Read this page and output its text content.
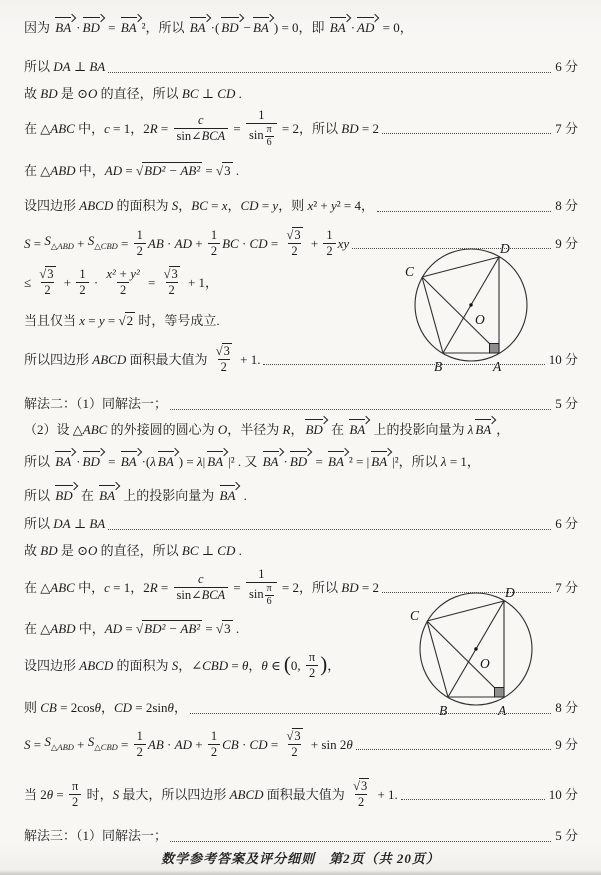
因为 BA · BD = BA ²，所以 BA ·( BD − BA ) = 0，即 BA · AD = 0，
所以 DA ⊥ BA	6 分
故 BD 是 ⊙ O 的直径，所以 BC ⊥ CD .
在 △ ABC 中， c = 1，2 $R = \frac{c}{\text{sin∠BCA}} = \frac{1}{\sin \frac{\pi}{6}} = 2$，所以 BD = 2	7 分
在 △ ABD 中， AD = √BD² − AB² = √3 .
设四边形 ABCD 的面积为 S ， BC = x ， CD = y ，则 x ² + y ² = 4，	8 分
$S = S_{\triangle ABD} + S_{\triangle CBD} = \frac{1}{2}$ AB · AD + $\frac{1}{2}$ BC · CD = $\frac{√3}{2} + \frac{1}{2}$ xy	9 分
≤ $\frac{√3}{2} + \frac{1}{2} \cdot \frac{\text{x² + y²}}{2} = \frac{√3}{2} + 1$，
当且仅当 x = y = √2 时，等号成立.
所以四边形 ABCD 面积最大值为 $\frac{√3}{2} + 1$.	10 分
解法二：（1）同解法一；	5 分
（2）设 △ ABC 的外接圆的圆心为 O ，半径为 R ， BD 在 BA 上的投影向量为 λ BA ，
所以 BA · BD = BA ·( λ BA ) = λ | BA |² . 又 BA · BD = BA ² = | BA |²，所以 λ = 1，
所以 BD 在 BA 上的投影向量为 BA .
所以 DA ⊥ BA	6 分
故 BD 是 ⊙ O 的直径，所以 BC ⊥ CD .
在 △ ABC 中， c = 1，2 $R = \frac{c}{\text{sin∠BCA}} = \frac{1}{\sin \frac{\pi}{6}} = 2$，所以 BD = 2	7 分
在 △ ABD 中， AD = √BD² − AB² = √3 .
设四边形 ABCD 的面积为 S ，∠ CBD = θ ， θ ∈ ( 0, $\frac{\pi}{2}$ ) ，
则 CB = 2cos θ ， CD = 2sin θ ，	8 分
$S = S_{\triangle ABD} + S_{\triangle CBD} = \frac{1}{2}$ AB · AD + $\frac{1}{2}$ CB · CD = $\frac{√3}{2} + \sin 2$ θ	9 分
当 2 $\theta = \frac{\pi}{2}$ 时， S 最大，所以四边形 ABCD 面积最大值为 $\frac{√3}{2} + 1$.	10 分
解法三：（1）同解法一；	5 分
D
C
B	A
O
D
C
B	A
O
数学参考答案及评分细则　第2页（共 20页）
